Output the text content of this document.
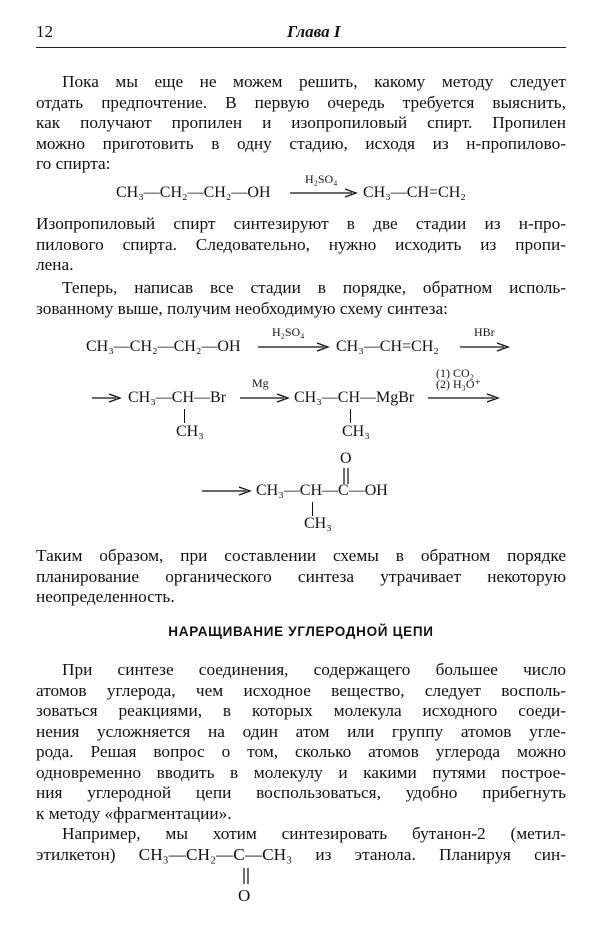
12	Глава I
Пока мы еще не можем решить, какому методу следует
отдать предпочтение. В первую очередь требуется выяснить,
как получают пропилен и изопропиловый спирт. Пропилен
можно приготовить в одну стадию, исходя из н-пропилово-
го спирта:
CH₃—CH₂—CH₂—OH
H₂SO₄
CH₃—CH=CH₂
Изопропиловый спирт синтезируют в две стадии из н-про-
пилового спирта. Следовательно, нужно исходить из пропи-
лена.
Теперь, написав все стадии в порядке, обратном исполь-
зованному выше, получим необходимую схему синтеза:
CH₃—CH₂—CH₂—OH
H₂SO₄
CH₃—CH=CH₂
HBr
CH₃—CH—Br
CH₃
Mg
CH₃—CH—MgBr
CH₃
(1) CO₂
(2) H₃O⁺
O
CH₃—CH—C—OH
CH₃
Таким образом, при составлении схемы в обратном порядке
планирование органического синтеза утрачивает некоторую
неопределенность.
НАРАЩИВАНИЕ УГЛЕРОДНОЙ ЦЕПИ
При синтезе соединения, содержащего большее число
атомов углерода, чем исходное вещество, следует восполь-
зоваться реакциями, в которых молекула исходного соеди-
нения усложняется на один атом или группу атомов угле-
рода. Решая вопрос о том, сколько атомов углерода можно
одновременно вводить в молекулу и какими путями построе-
ния углеродной цепи воспользоваться, удобно прибегнуть
к методу «фрагментации».
Например, мы хотим синтезировать бутанон-2 (метил-
этилкетон) CH₃—CH₂—C—CH₃ из этанола. Планируя син-
O
